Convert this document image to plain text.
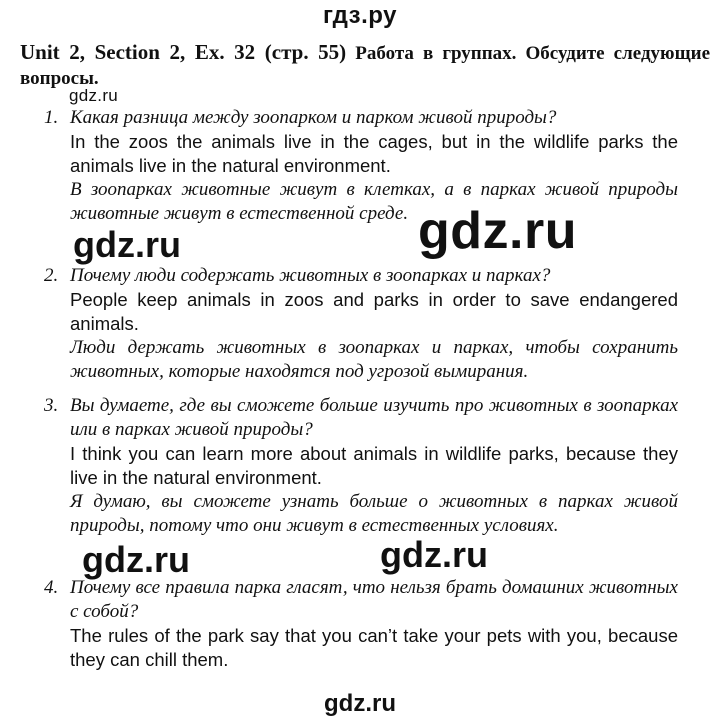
гдз.ру
Unit 2, Section 2, Ex. 32 (стр. 55) Работа в группах. Обсудите следующие вопросы.
gdz.ru
1. Какая разница между зоопарком и парком живой природы?
In the zoos the animals live in the cages, but in the wildlife parks the animals live in the natural environment.
В зоопарках животные живут в клетках, а в парках живой природы животные живут в естественной среде.
2. Почему люди содержать животных в зоопарках и парках?
People keep animals in zoos and parks in order to save endangered animals.
Люди держать животных в зоопарках и парках, чтобы сохранить животных, которые находятся под угрозой вымирания.
3. Вы думаете, где вы сможете больше изучить про животных в зоопарках или в парках живой природы?
I think you can learn more about animals in wildlife parks, because they live in the natural environment.
Я думаю, вы сможете узнать больше о животных в парках живой природы, потому что они живут в естественных условиях.
4. Почему все правила парка гласят, что нельзя брать домашних животных с собой?
The rules of the park say that you can’t take your pets with you, because they can chill them.
gdz.ru
gdz.ru
gdz.ru	gdz.ru
gdz.ru
